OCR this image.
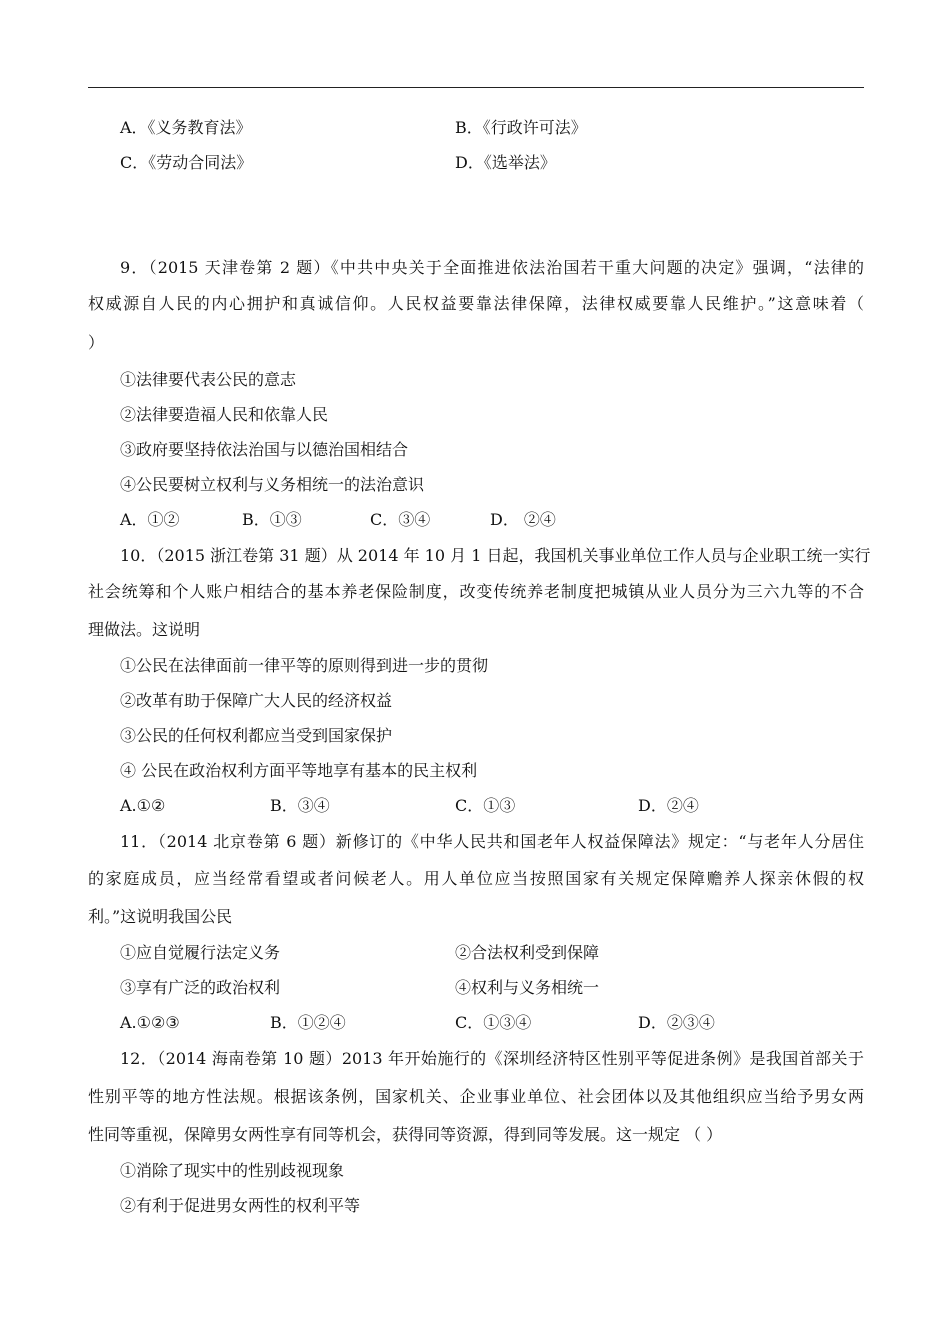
A．《义务教育法》	B．《行政许可法》
C．《劳动合同法》	D．《选举法》
9．（2015 天津卷第 2 题）《中共中央关于全面推进依法治国若干重大问题的决定》强调，“法律的
权威源自人民的内心拥护和真诚信仰。人民权益要靠法律保障，法律权威要靠人民维护。”这意味着（
）
①法律要代表公民的意志
②法律要造福人民和依靠人民
③政府要坚持依法治国与以德治国相结合
④公民要树立权利与义务相统一的法治意识
A．①②	B．①③	C．③④	D． ②④
10．（2015 浙江卷第 31 题）从 2014 年 10 月 1 日起，我国机关事业单位工作人员与企业职工统一实行
社会统筹和个人账户相结合的基本养老保险制度，改变传统养老制度把城镇从业人员分为三六九等的不合
理做法。这说明
①公民在法律面前一律平等的原则得到进一步的贯彻
②改革有助于保障广大人民的经济权益
③公民的任何权利都应当受到国家保护
④ 公民在政治权利方面平等地享有基本的民主权利
A.①②	B．③④	C．①③	D．②④
11．（2014 北京卷第 6 题）新修订的《中华人民共和国老年人权益保障法》规定：“与老年人分居住
的家庭成员，应当经常看望或者问候老人。用人单位应当按照国家有关规定保障赡养人探亲休假的权
利。”这说明我国公民
①应自觉履行法定义务	②合法权利受到保障
③享有广泛的政治权利	④权利与义务相统一
A.①②③	B．①②④	C．①③④	D．②③④
12．（2014 海南卷第 10 题）2013 年开始施行的《深圳经济特区性别平等促进条例》是我国首部关于
性别平等的地方性法规。根据该条例，国家机关、企业事业单位、社会团体以及其他组织应当给予男女两
性同等重视，保障男女两性享有同等机会，获得同等资源，得到同等发展。这一规定 （ ）
①消除了现实中的性别歧视现象
②有利于促进男女两性的权利平等
